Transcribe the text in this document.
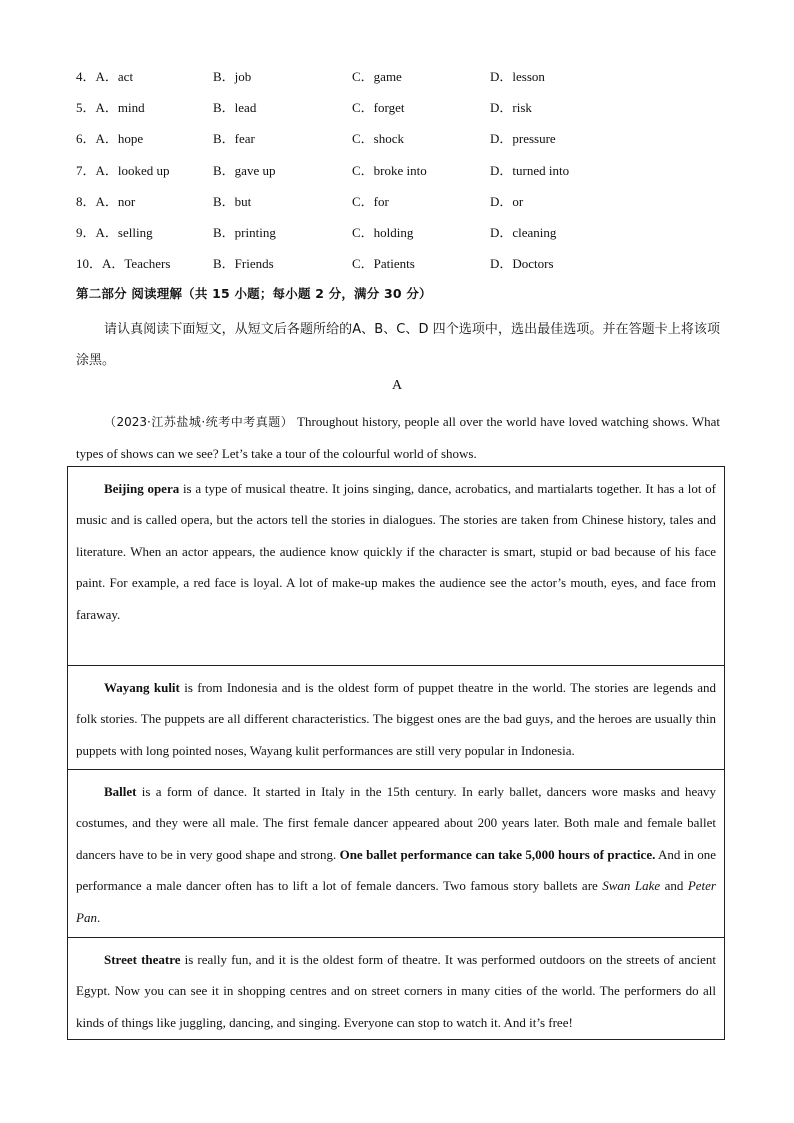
4．A．act	B．job	C．game	D．lesson
5．A．mind	B．lead	C．forget	D．risk
6．A．hope	B．fear	C．shock	D．pressure
7．A．looked up	B．gave up	C．broke into	D．turned into
8．A．nor	B．but	C．for	D．or
9．A．selling	B．printing	C．holding	D．cleaning
10．A．Teachers	B．Friends	C．Patients	D．Doctors
第二部分 阅读理解（共 15 小题；每小题 2 分，满分 30 分）
请认真阅读下面短文，从短文后各题所给的A、B、C、D 四个选项中，选出最佳选项。并在答题卡上将该项涂黑。
A
（2023·江苏盐城·统考中考真题） Throughout history, people all over the world have loved watching shows. What types of shows can we see? Let’s take a tour of the colourful world of shows.

Beijing opera is a type of musical theatre. It joins singing, dance, acrobatics, and martialarts together. It has a lot of music and is called opera, but the actors tell the stories in dialogues. The stories are taken from Chinese history, tales and literature. When an actor appears, the audience know quickly if the character is smart, stupid or bad because of his face paint. For example, a red face is loyal. A lot of make-up makes the audience see the actor’s mouth, eyes, and face from faraway.

Wayang kulit is from Indonesia and is the oldest form of puppet theatre in the world. The stories are legends and folk stories. The puppets are all different characteristics. The biggest ones are the bad guys, and the heroes are usually thin puppets with long pointed noses, Wayang kulit performances are still very popular in Indonesia.

Ballet is a form of dance. It started in Italy in the 15th century. In early ballet, dancers wore masks and heavy costumes, and they were all male. The first female dancer appeared about 200 years later. Both male and female ballet dancers have to be in very good shape and strong. One ballet performance can take 5,000 hours of practice. And in one performance a male dancer often has to lift a lot of female dancers. Two famous story ballets are Swan Lake and Peter Pan.

Street theatre is really fun, and it is the oldest form of theatre. It was performed outdoors on the streets of ancient Egypt. Now you can see it in shopping centres and on street corners in many cities of the world. The performers do all kinds of things like juggling, dancing, and singing. Everyone can stop to watch it. And it’s free!
